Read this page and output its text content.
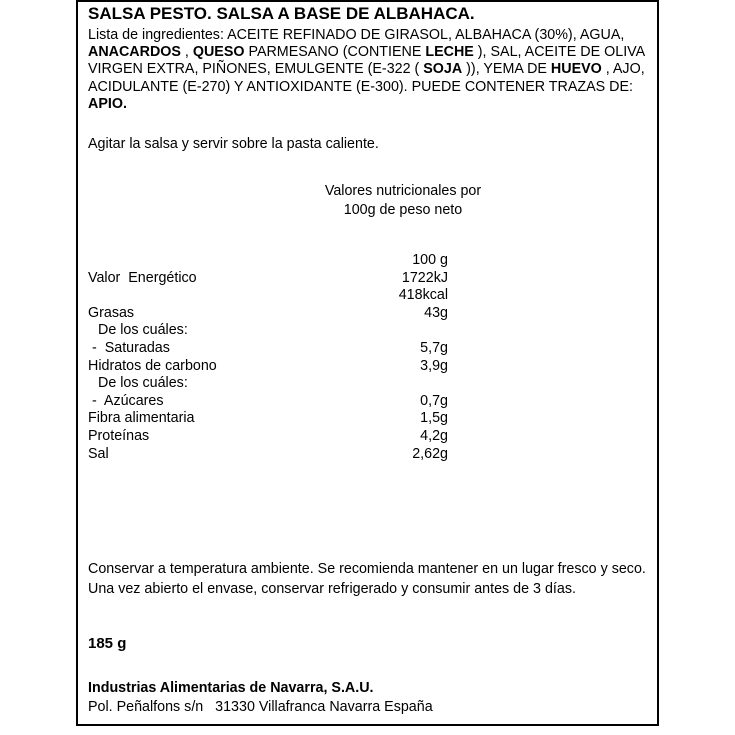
SALSA PESTO. SALSA A BASE DE ALBAHACA.
Lista de ingredientes: ACEITE REFINADO DE GIRASOL, ALBAHACA (30%), AGUA, ANACARDOS , QUESO PARMESANO (CONTIENE LECHE ), SAL, ACEITE DE OLIVA VIRGEN EXTRA, PIÑONES, EMULGENTE (E-322 ( SOJA )), YEMA DE HUEVO , AJO, ACIDULANTE (E-270) Y ANTIOXIDANTE (E-300). PUEDE CONTENER TRAZAS DE: APIO.
Agitar la salsa y servir sobre la pasta caliente.
Valores nutricionales por
100g de peso neto
100 g
Valor  Energético	1722kJ
418kcal
Grasas	43g
De los cuáles:
-  Saturadas	5,7g
Hidratos de carbono	3,9g
De los cuáles:
-  Azúcares	0,7g
Fibra alimentaria	1,5g
Proteínas	4,2g
Sal	2,62g
Conservar a temperatura ambiente. Se recomienda mantener en un lugar fresco y seco. Una vez abierto el envase, conservar refrigerado y consumir antes de 3 días.
185 g
Industrias Alimentarias de Navarra, S.A.U.
Pol. Peñalfons s/n   31330 Villafranca Navarra España
